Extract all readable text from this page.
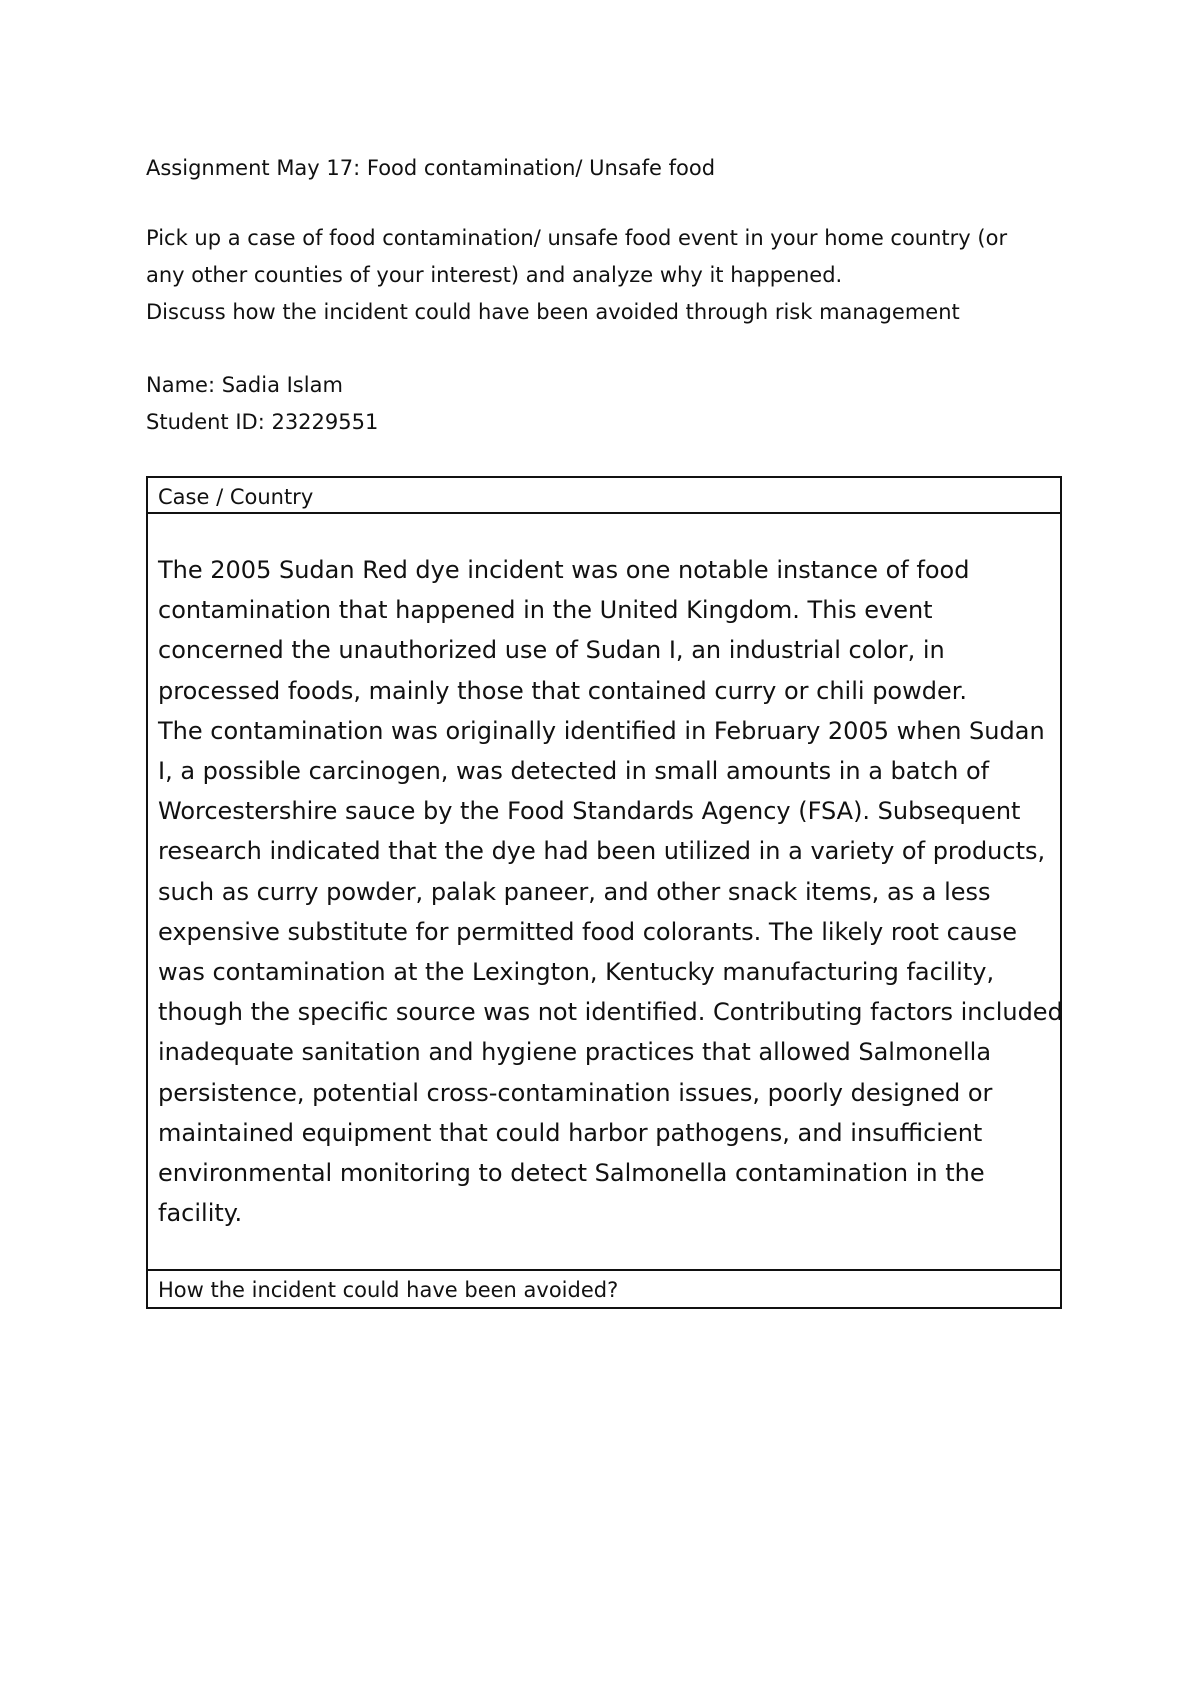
Assignment May 17: Food contamination/ Unsafe food

Pick up a case of food contamination/ unsafe food event in your home country (or
any other counties of your interest) and analyze why it happened.
Discuss how the incident could have been avoided through risk management

Name: Sadia Islam

Student ID: 23229551

Case / Country
The 2005 Sudan Red dye incident was one notable instance of food
contamination that happened in the United Kingdom. This event
concerned the unauthorized use of Sudan I, an industrial color, in
processed foods, mainly those that contained curry or chili powder.
The contamination was originally identified in February 2005 when Sudan
I, a possible carcinogen, was detected in small amounts in a batch of
Worcestershire sauce by the Food Standards Agency (FSA). Subsequent
research indicated that the dye had been utilized in a variety of products,
such as curry powder, palak paneer, and other snack items, as a less
expensive substitute for permitted food colorants. The likely root cause
was contamination at the Lexington, Kentucky manufacturing facility,
though the specific source was not identified. Contributing factors included
inadequate sanitation and hygiene practices that allowed Salmonella
persistence, potential cross-contamination issues, poorly designed or
maintained equipment that could harbor pathogens, and insufficient
environmental monitoring to detect Salmonella contamination in the
facility.
How the incident could have been avoided?
